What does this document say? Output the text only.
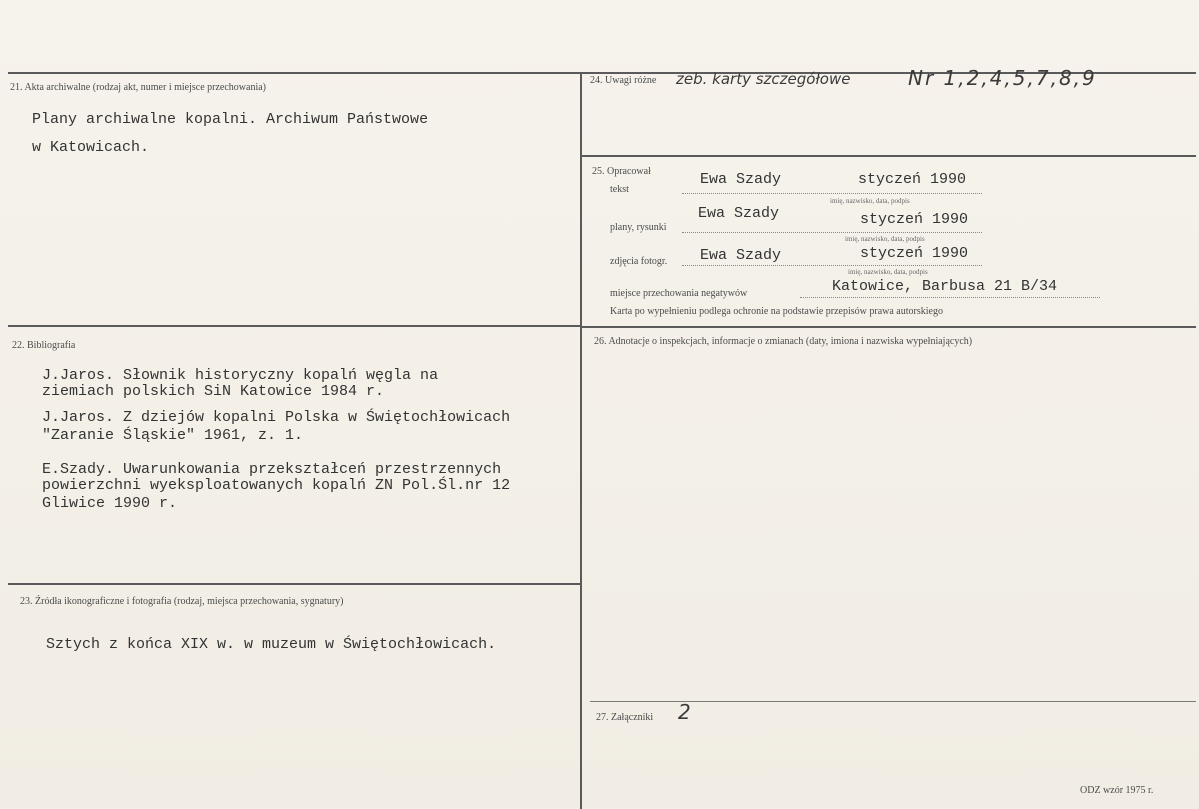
21. Akta archiwalne (rodzaj akt, numer i miejsce przechowania)
Plany archiwalne kopalni. Archiwum Państwowe
w Katowicach.
22. Bibliografia
J.Jaros. Słownik historyczny kopalń węgla na
ziemiach polskich SiN Katowice 1984 r.
J.Jaros. Z dziejów kopalni Polska w Świętochłowicach
"Zaranie Śląskie" 1961, z. 1.
E.Szady. Uwarunkowania przekształceń przestrzennych
powierzchni wyeksploatowanych kopalń ZN Pol.Śl.nr 12
Gliwice 1990 r.
23. Źródła ikonograficzne i fotografia (rodzaj, miejsca przechowania, sygnatury)
Sztych z końca XIX w. w muzeum w Świętochłowicach.
24. Uwagi różne zeb. karty szczegółowe	Nr 1,2,4,5,7,8,9
25. Opracował
tekst
Ewa Szady	styczeń 1990
imię, nazwisko, data, podpis
plany, rysunki
Ewa Szady	styczeń 1990
imię, nazwisko, data, podpis
zdjęcia fotogr. Ewa Szady	styczeń 1990
imię, nazwisko, data, podpis
miejsce przechowania negatywów	Katowice, Barbusa 21 B/34
Karta po wypełnieniu podlega ochronie na podstawie przepisów prawa autorskiego
26. Adnotacje o inspekcjach, informacje o zmianach (daty, imiona i nazwiska wypełniających)
27. Załączniki 2
ODZ wzór 1975 r.
